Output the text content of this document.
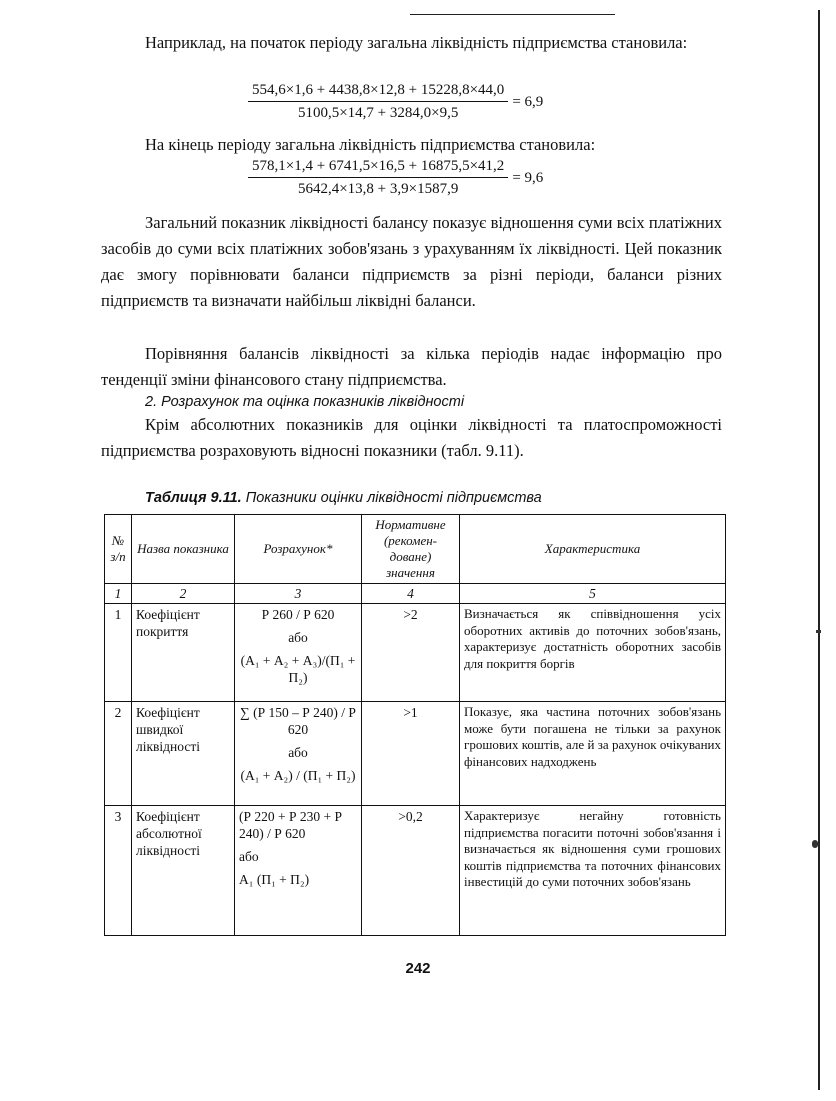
Наприклад, на початок періоду загальна ліквідність підприємства становила:

$\frac{554,6\times 1,6 + 4438,8\times 12,8 + 15228,8\times 44,0}{5100,5\times 14,7 + 3284,0\times 9,5} = 6,9$

На кінець періоду загальна ліквідність підприємства становила:

$\frac{578,1\times 1,4 + 6741,5\times 16,5 + 16875,5\times 41,2}{5642,4\times 13,8 + 3,9\times 1587,9} = 9,6$

Загальний показник ліквідності балансу показує відношення суми всіх платіжних засобів до суми всіх платіжних зобов'язань з урахуванням їх ліквідності. Цей показник дає змогу порівнювати баланси підприємств за різні періоди, баланси різних підприємств та визначати найбільш ліквідні баланси.

Порівняння балансів ліквідності за кілька періодів надає інформацію про тенденції зміни фінансового стану підприємства.

2. Розрахунок та оцінка показників ліквідності

Крім абсолютних показників для оцінки ліквідності та платоспроможності підприємства розраховують відносні показники (табл. 9.11).

Таблиця 9.11. Показники оцінки ліквідності підприємства
№ з/п	Назва показника	Розрахунок*	Нормативне (рекомен-доване) значення	Характеристика
1	2	3	4	5
1	Коефіцієнт покриття	Р 260 / Р 620
або
(А₁ + А₂ + А₃)/(П₁ + П₂)	>2	Визначається як співвідношення усіх оборотних активів до поточних зобов'язань, характеризує достатність оборотних засобів для покриття боргів
2	Коефіцієнт швидкої ліквідності	∑ (Р 150 – Р 240) / Р 620
або
(А₁ + А₂) / (П₁ + П₂)	>1	Показує, яка частина поточних зобов'язань може бути погашена не тільки за рахунок грошових коштів, але й за рахунок очікуваних фінансових надходжень
3	Коефіцієнт абсолютної ліквідності	(Р 220 + Р 230 + Р 240) / Р 620
або
А₁ (П₁ + П₂)	>0,2	Характеризує негайну готовність підприємства погасити поточні зобов'язання і визначається як відношення суми грошових коштів підприємства та поточних фінансових інвестицій до суми поточних зобов'язань
242
